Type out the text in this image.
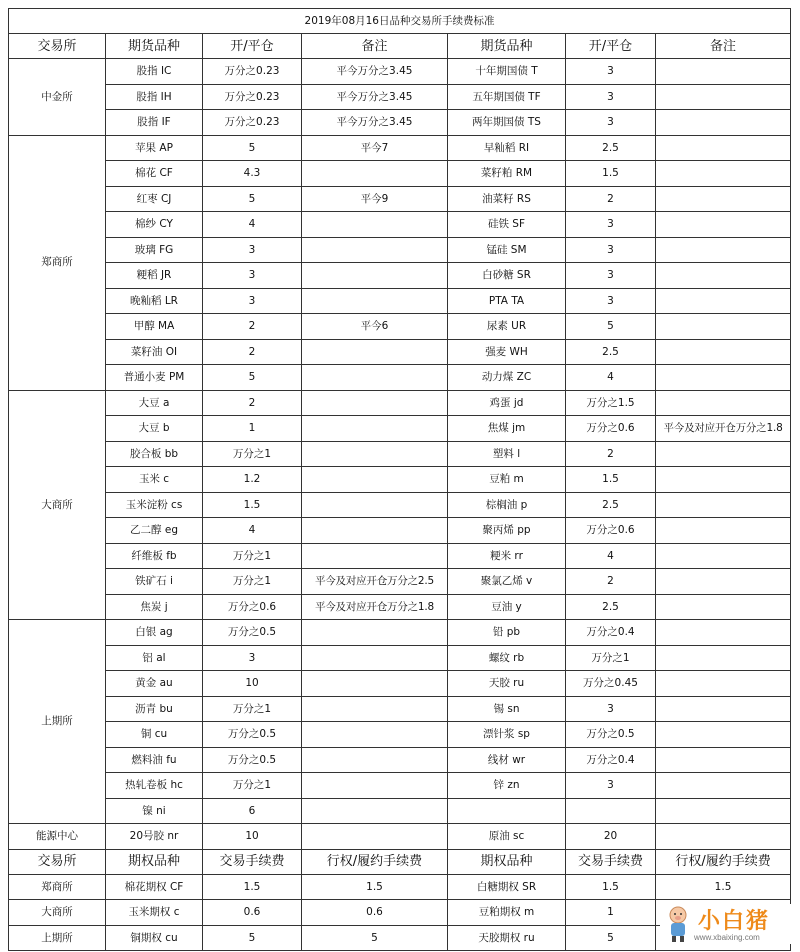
2019年08月16日品种交易所手续费标准						
交易所	期货品种	开/平仓	备注	期货品种	开/平仓	备注
中金所	股指 IC	万分之0.23	平今万分之3.45	十年期国债 T	3	
	股指 IH	万分之0.23	平今万分之3.45	五年期国债 TF	3	
	股指 IF	万分之0.23	平今万分之3.45	两年期国债 TS	3	
郑商所	苹果 AP	5	平今7	早籼稻 RI	2.5	
	棉花 CF	4.3		菜籽粕 RM	1.5	
	红枣 CJ	5	平今9	油菜籽 RS	2	
	棉纱 CY	4		硅铁 SF	3	
	玻璃 FG	3		锰硅 SM	3	
	粳稻 JR	3		白砂糖 SR	3	
	晚籼稻 LR	3		PTA TA	3	
	甲醇 MA	2	平今6	尿素 UR	5	
	菜籽油 OI	2		强麦 WH	2.5	
	普通小麦 PM	5		动力煤 ZC	4	
大商所	大豆 a	2		鸡蛋 jd	万分之1.5	
	大豆 b	1		焦煤 jm	万分之0.6	平今及对应开仓万分之1.8
	胶合板 bb	万分之1		塑料 l	2	
	玉米 c	1.2		豆粕 m	1.5	
	玉米淀粉 cs	1.5		棕榈油 p	2.5	
	乙二醇 eg	4		聚丙烯 pp	万分之0.6	
	纤维板 fb	万分之1		粳米 rr	4	
	铁矿石 i	万分之1	平今及对应开仓万分之2.5	聚氯乙烯 v	2	
	焦炭 j	万分之0.6	平今及对应开仓万分之1.8	豆油 y	2.5	
上期所	白银 ag	万分之0.5		铅 pb	万分之0.4	
	铝 al	3		螺纹 rb	万分之1	
	黄金 au	10		天胶 ru	万分之0.45	
	沥青 bu	万分之1		锡 sn	3	
	铜 cu	万分之0.5		漂针浆 sp	万分之0.5	
	燃料油 fu	万分之0.5		线材 wr	万分之0.4	
	热轧卷板 hc	万分之1		锌 zn	3	
	镍 ni	6				
能源中心	20号胶 nr	10		原油 sc	20	
交易所	期权品种	交易手续费	行权/履约手续费	期权品种	交易手续费	行权/履约手续费
郑商所	棉花期权 CF	1.5	1.5	白糖期权 SR	1.5	1.5
大商所	玉米期权 c	0.6	0.6	豆粕期权 m	1	
上期所	铜期权 cu	5	5	天胶期权 ru	5	
小白猪
www.xbaixing.com
